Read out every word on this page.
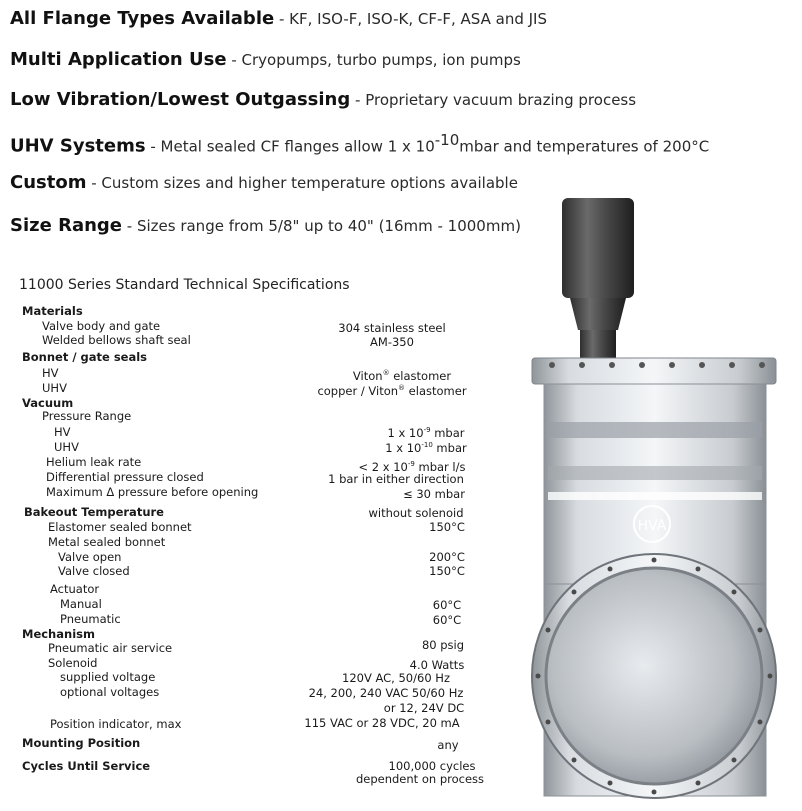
All Flange Types Available - KF, ISO-F, ISO-K, CF-F, ASA and JIS
Multi Application Use - Cryopumps, turbo pumps, ion pumps
Low Vibration/Lowest Outgassing - Proprietary vacuum brazing process
UHV Systems - Metal sealed CF flanges allow 1 x $10^{-10}mbar$ and temperatures of 200°C
Custom - Custom sizes and higher temperature options available
Size Range - Sizes range from 5/8" up to 40" (16mm - 1000mm)
11000 Series Standard Technical Specifications
Materials
Valve body and gate
Welded bellows shaft seal
Bonnet / gate seals
HV
UHV
Vacuum
Pressure Range
HV
UHV
Helium leak rate
Differential pressure closed
Maximum Δ pressure before opening
Bakeout Temperature
Elastomer sealed bonnet
Metal sealed bonnet
Valve open
Valve closed
Actuator
Manual
Pneumatic
Mechanism
Pneumatic air service
Solenoid
supplied voltage
optional voltages
Position indicator, max
Mounting Position
Cycles Until Service
304 stainless steel
AM-350
Viton® elastomer
copper / Viton® elastomer
1 x $10^{-9}$ mbar
1 x $10^{-10}$ mbar
< 2 x $10^{-9}$ mbar l/s
1 bar in either direction
≤ 30 mbar
without solenoid
150°C
200°C
150°C
60°C
60°C
80 psig
4.0 Watts
120V AC, 50/60 Hz
24, 200, 240 VAC 50/60 Hz
or 12, 24V DC
115 VAC or 28 VDC, 20 mA
any
100,000 cycles
dependent on process
HVA
